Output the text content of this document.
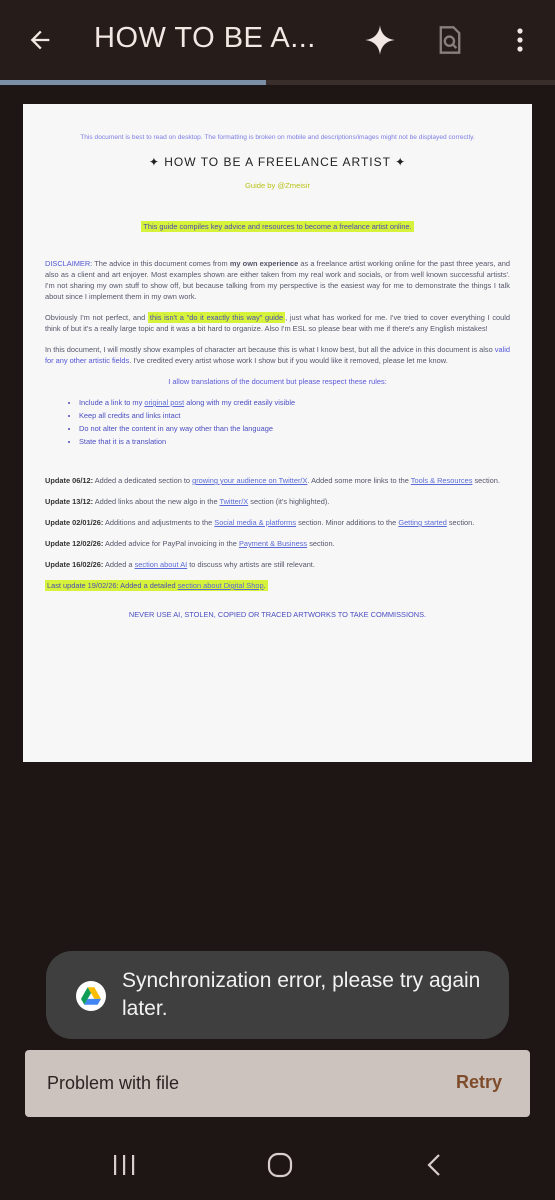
HOW TO BE A...
This document is best to read on desktop. The formatting is broken on mobile and descriptions/images might not be displayed correctly.
✦ HOW TO BE A FREELANCE ARTIST ✦
Guide by @Zmeisir
This guide compiles key advice and resources to become a freelance artist online.

DISCLAIMER: The advice in this document comes from my own experience as a freelance artist working online for the past three years, and also as a client and art enjoyer. Most examples shown are either taken from my real work and socials, or from well known successful artists'. I'm not sharing my own stuff to show off, but because talking from my perspective is the easiest way for me to demonstrate the things I talk about since I implement them in my own work.

Obviously I'm not perfect, and this isn't a "do it exactly this way" guide , just what has worked for me. I've tried to cover everything I could think of but it's a really large topic and it was a bit hard to organize. Also I'm ESL so please bear with me if there's any English mistakes!

In this document, I will mostly show examples of character art because this is what I know best, but all the advice in this document is also valid for any other artistic fields. I've credited every artist whose work I show but if you would like it removed, please let me know.

I allow translations of the document but please respect these rules:
• Include a link to my original post along with my credit easily visible
• Keep all credits and links intact
• Do not alter the content in any way other than the language
• State that it is a translation

Update 06/12: Added a dedicated section to growing your audience on Twitter/X. Added some more links to the Tools & Resources section.

Update 13/12: Added links about the new algo in the Twitter/X section (it's highlighted).

Update 02/01/26: Additions and adjustments to the Social media & platforms section. Minor additions to the Getting started section.

Update 12/02/26: Added advice for PayPal invoicing in the Payment & Business section.

Update 16/02/26: Added a section about AI to discuss why artists are still relevant.

Last update 19/02/26: Added a detailed section about Digital Shop.

NEVER USE AI, STOLEN, COPIED OR TRACED ARTWORKS TO TAKE COMMISSIONS.
Synchronization error, please try again later.
Problem with file	Retry
